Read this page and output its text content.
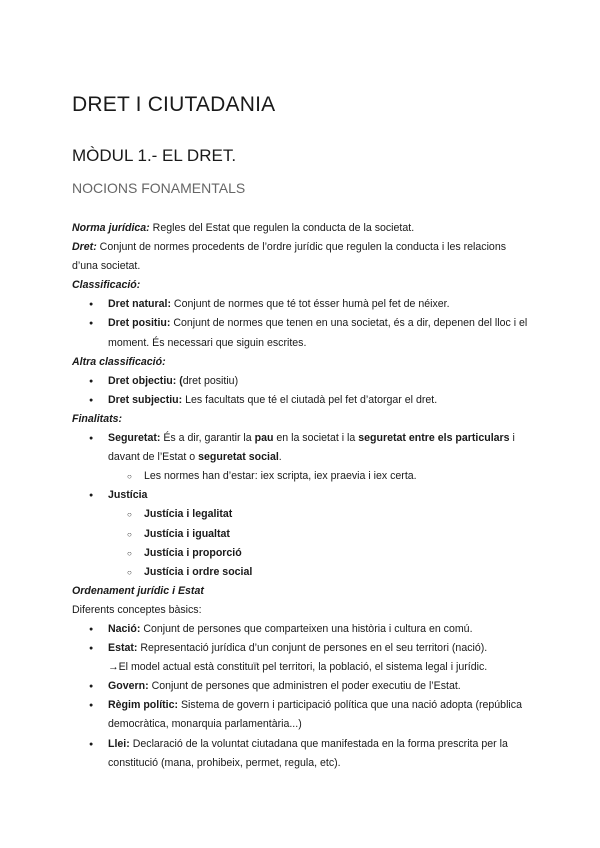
DRET I CIUTADANIA
MÒDUL 1.- EL DRET.
NOCIONS FONAMENTALS

Norma jurídica: Regles del Estat que regulen la conducta de la societat.

Dret: Conjunt de normes procedents de l’ordre jurídic que regulen la conducta i les relacions d’una societat.

Classificació:

● Dret natural: Conjunt de normes que té tot ésser humà pel fet de néixer.
● Dret positiu: Conjunt de normes que tenen en una societat, és a dir, depenen del lloc i el moment. És necessari que siguin escrites.

Altra classificació:

● Dret objectiu: (dret positiu)
● Dret subjectiu: Les facultats que té el ciutadà pel fet d’atorgar el dret.

Finalitats:

● Seguretat: És a dir, garantir la pau en la societat i la seguretat entre els particulars i davant de l’Estat o seguretat social.
○ Les normes han d’estar: iex scripta, iex praevia i iex certa.
● Justícia
○ Justícia i legalitat
○ Justícia i igualtat
○ Justícia i proporció
○ Justícia i ordre social

Ordenament jurídic i Estat

Diferents conceptes bàsics:

● Nació: Conjunt de persones que comparteixen una història i cultura en comú.
● Estat: Representació jurídica d’un conjunt de persones en el seu territori (nació).
→El model actual està constituït pel territori, la població, el sistema legal i jurídic.
● Govern: Conjunt de persones que administren el poder executiu de l’Estat.
● Règim polític: Sistema de govern i participació política que una nació adopta (república democràtica, monarquia parlamentària...)
● Llei: Declaració de la voluntat ciutadana que manifestada en la forma prescrita per la constitució (mana, prohibeix, permet, regula, etc).
